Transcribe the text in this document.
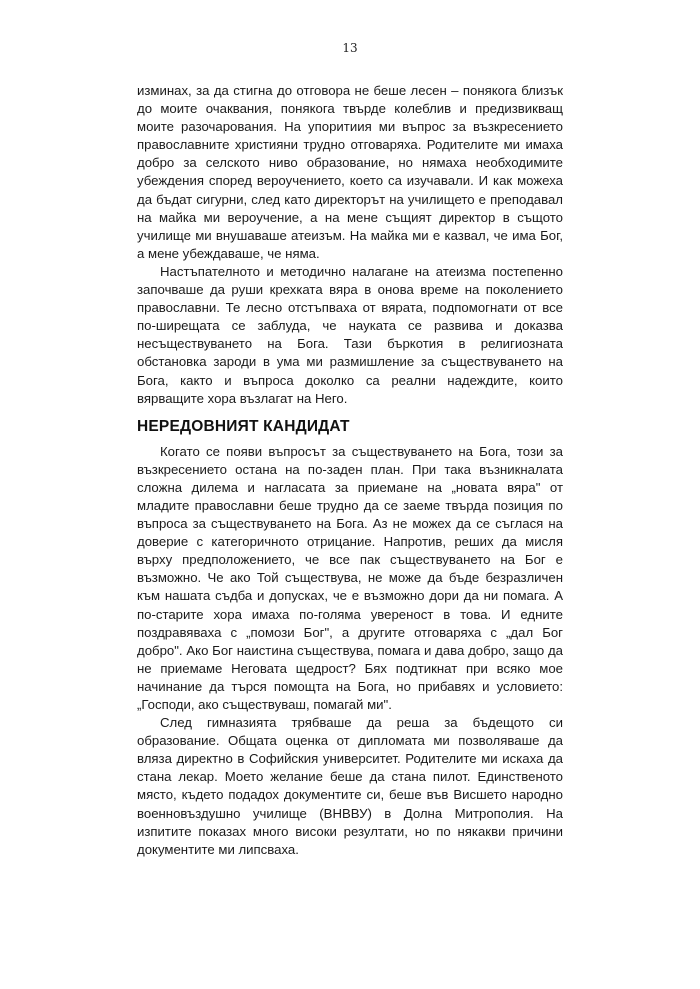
13

изминах, за да стигна до отговора не беше лесен – понякога близък до моите очаквания, понякога твърде колеблив и предизвикващ моите разочарования. На упоритиия ми въпрос за възкресението православните християни трудно отговаряха. Родителите ми имаха добро за селското ниво образование, но нямаха необходимите убеждения според вероучението, което са изучавали. И как можеха да бъдат сигурни, след като директорът на училището е преподавал на майка ми вероучение, а на мене същият директор в същото училище ми внушаваше атеизъм. На майка ми е казвал, че има Бог, а мене убеждаваше, че няма.

Настъпателното и методично налагане на атеизма постепенно започваше да руши крехката вяра в онова време на поколението православни. Те лесно отстъпваха от вярата, подпомогнати от все по-ширещата се заблуда, че науката се развива и доказва несъществуването на Бога. Тази бъркотия в религиозната обстановка зароди в ума ми размишление за съществуването на Бога, както и въпроса доколко са реални надеждите, които вярващите хора възлагат на Него.

НЕРЕДОВНИЯТ КАНДИДАТ

Когато се появи въпросът за съществуването на Бога, този за възкресението остана на по-заден план. При така възникналата сложна дилема и нагласата за приемане на „новата вяра" от младите православни беше трудно да се заеме твърда позиция по въпроса за съществуването на Бога. Аз не можех да се съглася на доверие с категоричното отрицание. Напротив, реших да мисля върху предположението, че все пак съществуването на Бог е възможно. Че ако Той съществува, не може да бъде безразличен към нашата съдба и допускаx, че е възможно дори да ни помага. А по-старите хора имаха по-голяма увереност в това. И едните поздравяваха с „помози Бог", а другите отговаряха с „дал Бог добро". Ако Бог наистина съществува, помага и дава добро, защо да не приемаме Неговата щедрост? Бях подтикнат при всяко мое начинание да търся помощта на Бога, но прибавях и условието: „Господи, ако съществуваш, помагай ми".

След гимназията трябваше да реша за бъдещото си образование. Общата оценка от дипломата ми позволяваше да вляза директно в Софийския университет. Родителите ми искаха да стана лекар. Моето желание беше да стана пилот. Единственото място, където подадох документите си, беше във Висшето народно военновъздушно училище (ВНВВУ) в Долна Митрополия. На изпитите показах много високи резултати, но по някакви причини документите ми липсваха.
